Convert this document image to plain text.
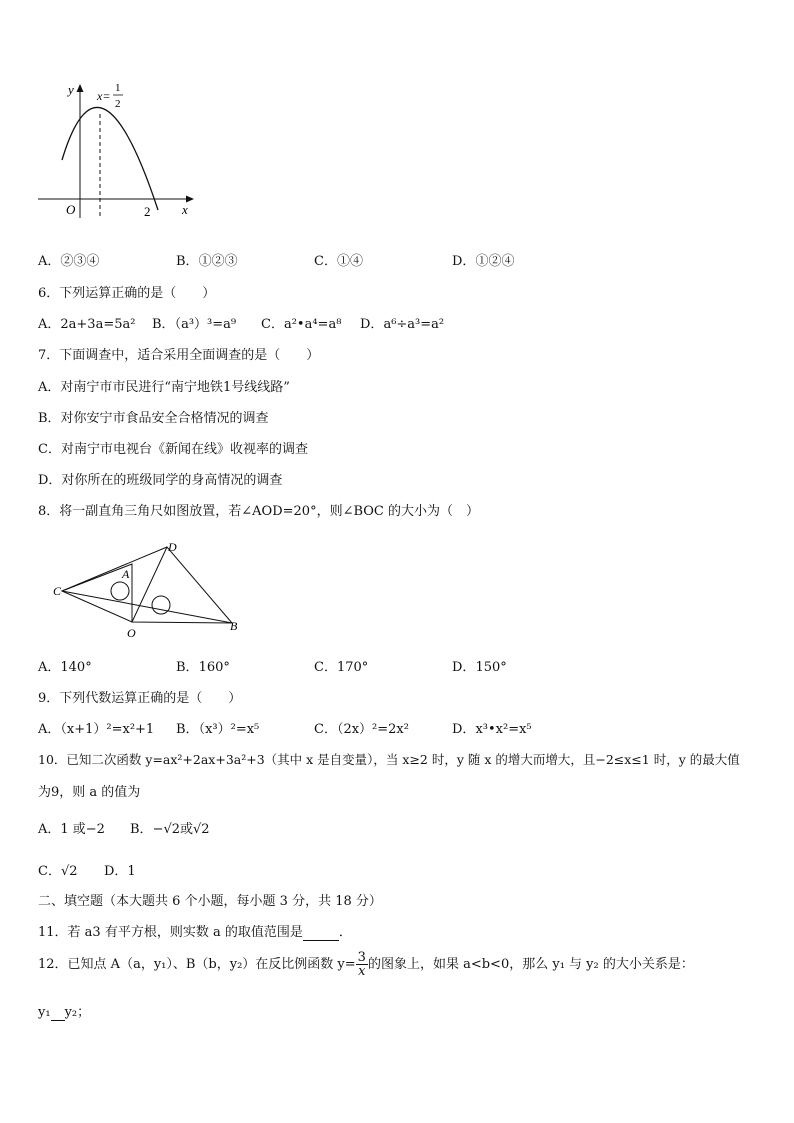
y
x
O	2
x=
1
2
A．②③④	B．①②③	C．①④	D．①②④
6．下列运算正确的是（　　）
A．2a+3a=5a² B．（a³）³=a⁹ C．a²•a⁴=a⁸ D．a⁶÷a³=a²
7．下面调查中，适合采用全面调查的是（　　）
A．对南宁市市民进行“南宁地铁1号线线路”
B．对你安宁市食品安全合格情况的调查
C．对南宁市电视台《新闻在线》收视率的调查
D．对你所在的班级同学的身高情况的调查
8．将一副直角三角尺如图放置，若∠AOD=20°，则∠BOC 的大小为（　）
C
A
D
O	B
A．140°	B．160°	C．170°	D．150°
9．下列代数运算正确的是（　　）
A．（x+1）²=x²+1 B．（x³）²=x⁵	C．（2x）²=2x²	D．x³•x²=x⁵
10．已知二次函数 y=ax²+2ax+3a²+3（其中 x 是自变量），当 x≥2 时，y 随 x 的增大而增大，且−2≤x≤1 时，y 的最大值
为9，则 a 的值为
A．1 或−2 B．−√2或√2
C．√2 D．1
二、填空题（本大题共 6 个小题，每小题 3 分，共 18 分）
11．若 a3 有平方根，则实数 a 的取值范围是	．
12．已知点 A（a，y₁）、B（b，y₂）在反比例函数 $y= \frac{3}{x}$ 的图象上，如果 a<b<0，那么 y₁ 与 y₂ 的大小关系是：
y₁ y₂；
